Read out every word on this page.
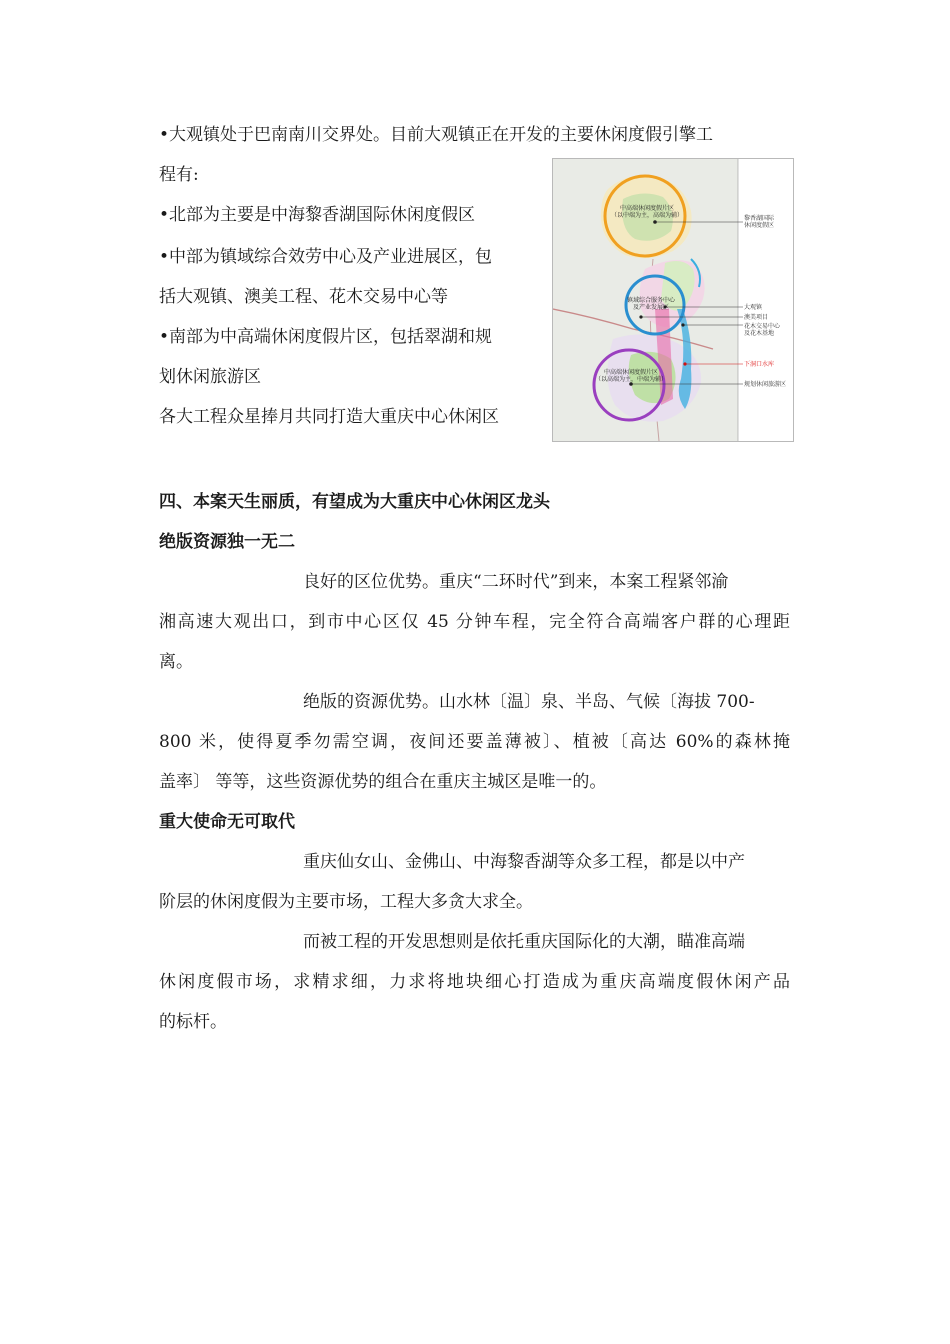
•大观镇处于巴南南川交界处。目前大观镇正在开发的主要休闲度假引擎工

程有:

•北部为主要是中海黎香湖国际休闲度假区

•中部为镇域综合效劳中心及产业进展区，包

括大观镇、澳美工程、花木交易中心等

•南部为中高端休闲度假片区，包括翠湖和规

划休闲旅游区

各大工程众星捧月共同打造大重庆中心休闲区

中高端休闲度假片区
（以中端为主，高端为辅）
镇域综合服务中心
及产业发展区
中高端休闲度假片区
（以高端为主，中端为辅）
黎香湖国际
休闲度假区
大观镇
澳美项目
花木交易中心
及花木基地
下洞口水库
规划休闲旅游区

四、本案天生丽质，有望成为大重庆中心休闲区龙头

绝版资源独一无二

良好的区位优势。重庆“二环时代”到来，本案工程紧邻渝

湘高速大观出口，到市中心区仅 45 分钟车程，完全符合高端客户群的心理距

离。

绝版的资源优势。山水林〔温〕泉、半岛、气候〔海拔 700-

800 米，使得夏季勿需空调，夜间还要盖薄被〕、植被〔高达 60%的森林掩

盖率〕 等等，这些资源优势的组合在重庆主城区是唯一的。

重大使命无可取代

重庆仙女山、金佛山、中海黎香湖等众多工程，都是以中产

阶层的休闲度假为主要市场，工程大多贪大求全。

而被工程的开发思想则是依托重庆国际化的大潮，瞄准高端

休闲度假市场，求精求细，力求将地块细心打造成为重庆高端度假休闲产品

的标杆。
